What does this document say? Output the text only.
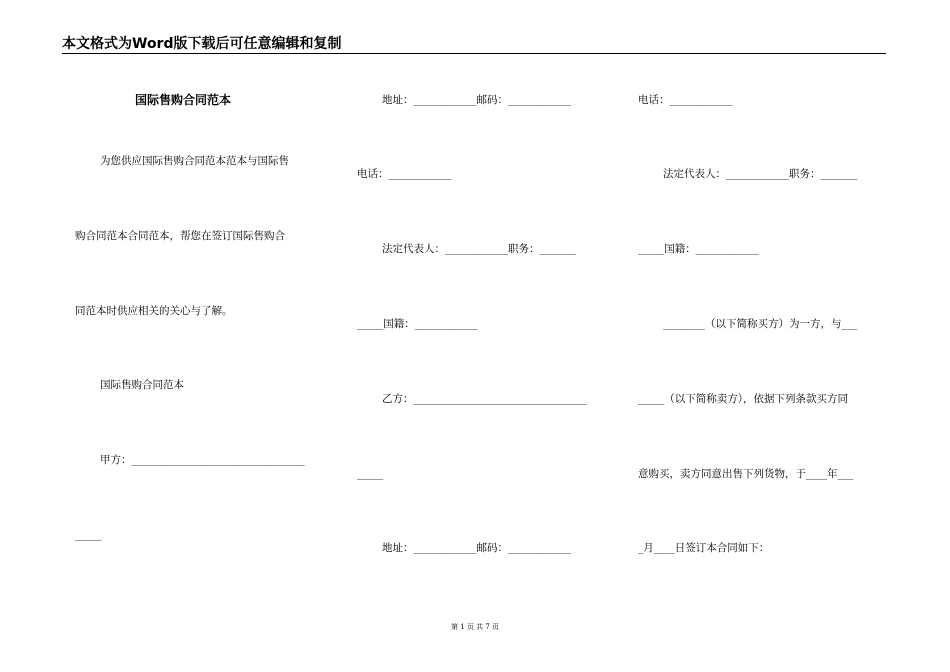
本文格式为Word版下载后可任意编辑和复制
国际售购合同范本
为您供应国际售购合同范本范本与国际售
购合同范本合同范本，帮您在签订国际售购合
同范本时供应相关的关心与了解。
国际售购合同范本
甲方：_________________________________
_____
地址：____________邮码：____________
电话：____________
法定代表人：____________职务：_______
_____国籍：____________
乙方：_________________________________
_____
地址：____________邮码：____________
电话：____________
法定代表人：____________职务：_______
_____国籍：____________
________（以下简称买方）为一方，与___
_____（以下简称卖方），依据下列条款买方同
意购买，卖方同意出售下列货物，于____年___
_月____日签订本合同如下：
第 1 页 共 7 页
